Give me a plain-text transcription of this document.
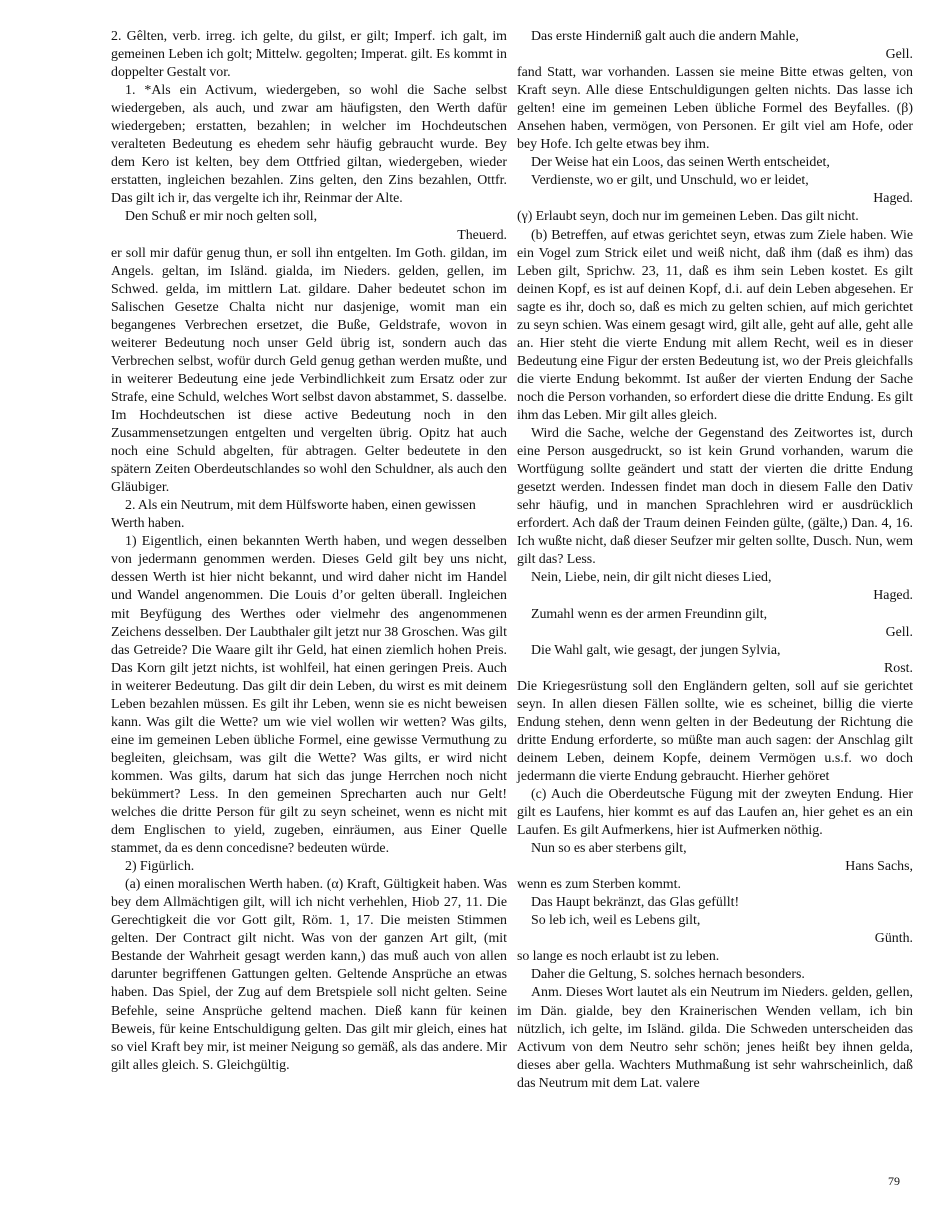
2. Gêlten, verb. irreg. ich gelte, du gilst, er gilt; Imperf. ich galt, im gemeinen Leben ich golt; Mittelw. gegolten; Imperat. gilt. Es kommt in doppelter Gestalt vor.

1. *Als ein Activum, wiedergeben, so wohl die Sache selbst wiedergeben, als auch, und zwar am häufigsten, den Werth dafür wiedergeben; erstatten, bezahlen; in welcher im Hochdeutschen veralteten Bedeutung es ehedem sehr häufig gebraucht wurde. Bey dem Kero ist kelten, bey dem Ottfried giltan, wiedergeben, wieder erstatten, ingleichen bezahlen. Zins gelten, den Zins bezahlen, Ottfr. Das gilt ich ir, das vergelte ich ihr, Reinmar der Alte.

Den Schuß er mir noch gelten soll,

Theuerd.

er soll mir dafür genug thun, er soll ihn entgelten. Im Goth. gildan, im Angels. geltan, im Isländ. gialda, im Nieders. gelden, gellen, im Schwed. gelda, im mittlern Lat. gildare. Daher bedeutet schon im Salischen Gesetze Chalta nicht nur dasjenige, womit man ein begangenes Verbrechen ersetzet, die Buße, Geldstrafe, wovon in weiterer Bedeutung noch unser Geld übrig ist, sondern auch das Verbrechen selbst, wofür durch Geld genug gethan werden mußte, und in weiterer Bedeutung eine jede Verbindlichkeit zum Ersatz oder zur Strafe, eine Schuld, welches Wort selbst davon abstammet, S. dasselbe. Im Hochdeutschen ist diese active Bedeutung noch in den Zusammensetzungen entgelten und vergelten übrig. Opitz hat auch noch eine Schuld abgelten, für abtragen. Gelter bedeutete in den spätern Zeiten Oberdeutschlandes so wohl den Schuldner, als auch den Gläubiger.

2. Als ein Neutrum, mit dem Hülfsworte haben, einen gewissen Werth haben.

1) Eigentlich, einen bekannten Werth haben, und wegen desselben von jedermann genommen werden. Dieses Geld gilt bey uns nicht, dessen Werth ist hier nicht bekannt, und wird daher nicht im Handel und Wandel angenommen. Die Louis d’or gelten überall. Ingleichen mit Beyfügung des Werthes oder vielmehr des angenommenen Zeichens desselben. Der Laubthaler gilt jetzt nur 38 Groschen. Was gilt das Getreide? Die Waare gilt ihr Geld, hat einen ziemlich hohen Preis. Das Korn gilt jetzt nichts, ist wohlfeil, hat einen geringen Preis. Auch in weiterer Bedeutung. Das gilt dir dein Leben, du wirst es mit deinem Leben bezahlen müssen. Es gilt ihr Leben, wenn sie es nicht beweisen kann. Was gilt die Wette? um wie viel wollen wir wetten? Was gilts, eine im gemeinen Leben übliche Formel, eine gewisse Vermuthung zu begleiten, gleichsam, was gilt die Wette? Was gilts, er wird nicht kommen. Was gilts, darum hat sich das junge Herrchen noch nicht bekümmert? Less. In den gemeinen Sprecharten auch nur Gelt! welches die dritte Person für gilt zu seyn scheinet, wenn es nicht mit dem Englischen to yield, zugeben, einräumen, aus Einer Quelle stammet, da es denn concedisne? bedeuten würde.

2) Figürlich.

(a) einen moralischen Werth haben. (α) Kraft, Gültigkeit haben. Was bey dem Allmächtigen gilt, will ich nicht verhehlen, Hiob 27, 11. Die Gerechtigkeit die vor Gott gilt, Röm. 1, 17. Die meisten Stimmen gelten. Der Contract gilt nicht. Was von der ganzen Art gilt, (mit Bestande der Wahrheit gesagt werden kann,) das muß auch von allen darunter begriffenen Gattungen gelten. Geltende Ansprüche an etwas haben. Das Spiel, der Zug auf dem Bretspiele soll nicht gelten. Seine Befehle, seine Ansprüche geltend machen. Dieß kann für keinen Beweis, für keine Entschuldigung gelten. Das gilt mir gleich, eines hat so viel Kraft bey mir, ist meiner Neigung so gemäß, als das andere. Mir gilt alles gleich. S. Gleichgültig.

Das erste Hinderniß galt auch die andern Mahle,

Gell.

fand Statt, war vorhanden. Lassen sie meine Bitte etwas gelten, von Kraft seyn. Alle diese Entschuldigungen gelten nichts. Das lasse ich gelten! eine im gemeinen Leben übliche Formel des Beyfalles. (β) Ansehen haben, vermögen, von Personen. Er gilt viel am Hofe, oder bey Hofe. Ich gelte etwas bey ihm.

Der Weise hat ein Loos, das seinen Werth entscheidet,

Verdienste, wo er gilt, und Unschuld, wo er leidet,

Haged.

(γ) Erlaubt seyn, doch nur im gemeinen Leben. Das gilt nicht.

(b) Betreffen, auf etwas gerichtet seyn, etwas zum Ziele haben. Wie ein Vogel zum Strick eilet und weiß nicht, daß ihm (daß es ihm) das Leben gilt, Sprichw. 23, 11, daß es ihm sein Leben kostet. Es gilt deinen Kopf, es ist auf deinen Kopf, d.i. auf dein Leben abgesehen. Er sagte es ihr, doch so, daß es mich zu gelten schien, auf mich gerichtet zu seyn schien. Was einem gesagt wird, gilt alle, geht auf alle, geht alle an. Hier steht die vierte Endung mit allem Recht, weil es in dieser Bedeutung eine Figur der ersten Bedeutung ist, wo der Preis gleichfalls die vierte Endung bekommt. Ist außer der vierten Endung der Sache noch die Person vorhanden, so erfordert diese die dritte Endung. Es gilt ihm das Leben. Mir gilt alles gleich.

Wird die Sache, welche der Gegenstand des Zeitwortes ist, durch eine Person ausgedruckt, so ist kein Grund vorhanden, warum die Wortfügung sollte geändert und statt der vierten die dritte Endung gesetzt werden. Indessen findet man doch in diesem Falle den Dativ sehr häufig, und in manchen Sprachlehren wird er ausdrücklich erfordert. Ach daß der Traum deinen Feinden gülte, (gälte,) Dan. 4, 16. Ich wußte nicht, daß dieser Seufzer mir gelten sollte, Dusch. Nun, wem gilt das? Less.

Nein, Liebe, nein, dir gilt nicht dieses Lied,

Haged.

Zumahl wenn es der armen Freundinn gilt,

Gell.

Die Wahl galt, wie gesagt, der jungen Sylvia,

Rost.

Die Kriegesrüstung soll den Engländern gelten, soll auf sie gerichtet seyn. In allen diesen Fällen sollte, wie es scheinet, billig die vierte Endung stehen, denn wenn gelten in der Bedeutung der Richtung die dritte Endung erforderte, so müßte man auch sagen: der Anschlag gilt deinem Leben, deinem Kopfe, deinem Vermögen u.s.f. wo doch jedermann die vierte Endung gebraucht. Hierher gehöret

(c) Auch die Oberdeutsche Fügung mit der zweyten Endung. Hier gilt es Laufens, hier kommt es auf das Laufen an, hier gehet es an ein Laufen. Es gilt Aufmerkens, hier ist Aufmerken nöthig.

Nun so es aber sterbens gilt,

Hans Sachs,

wenn es zum Sterben kommt.

Das Haupt bekränzt, das Glas gefüllt!

So leb ich, weil es Lebens gilt,

Günth.

so lange es noch erlaubt ist zu leben.

Daher die Geltung, S. solches hernach besonders.

Anm. Dieses Wort lautet als ein Neutrum im Nieders. gelden, gellen, im Dän. gialde, bey den Krainerischen Wenden vellam, ich bin nützlich, ich gelte, im Isländ. gilda. Die Schweden unterscheiden das Activum von dem Neutro sehr schön; jenes heißt bey ihnen gelda, dieses aber gella. Wachters Muthmaßung ist sehr wahrscheinlich, daß das Neutrum mit dem Lat. valere

79
